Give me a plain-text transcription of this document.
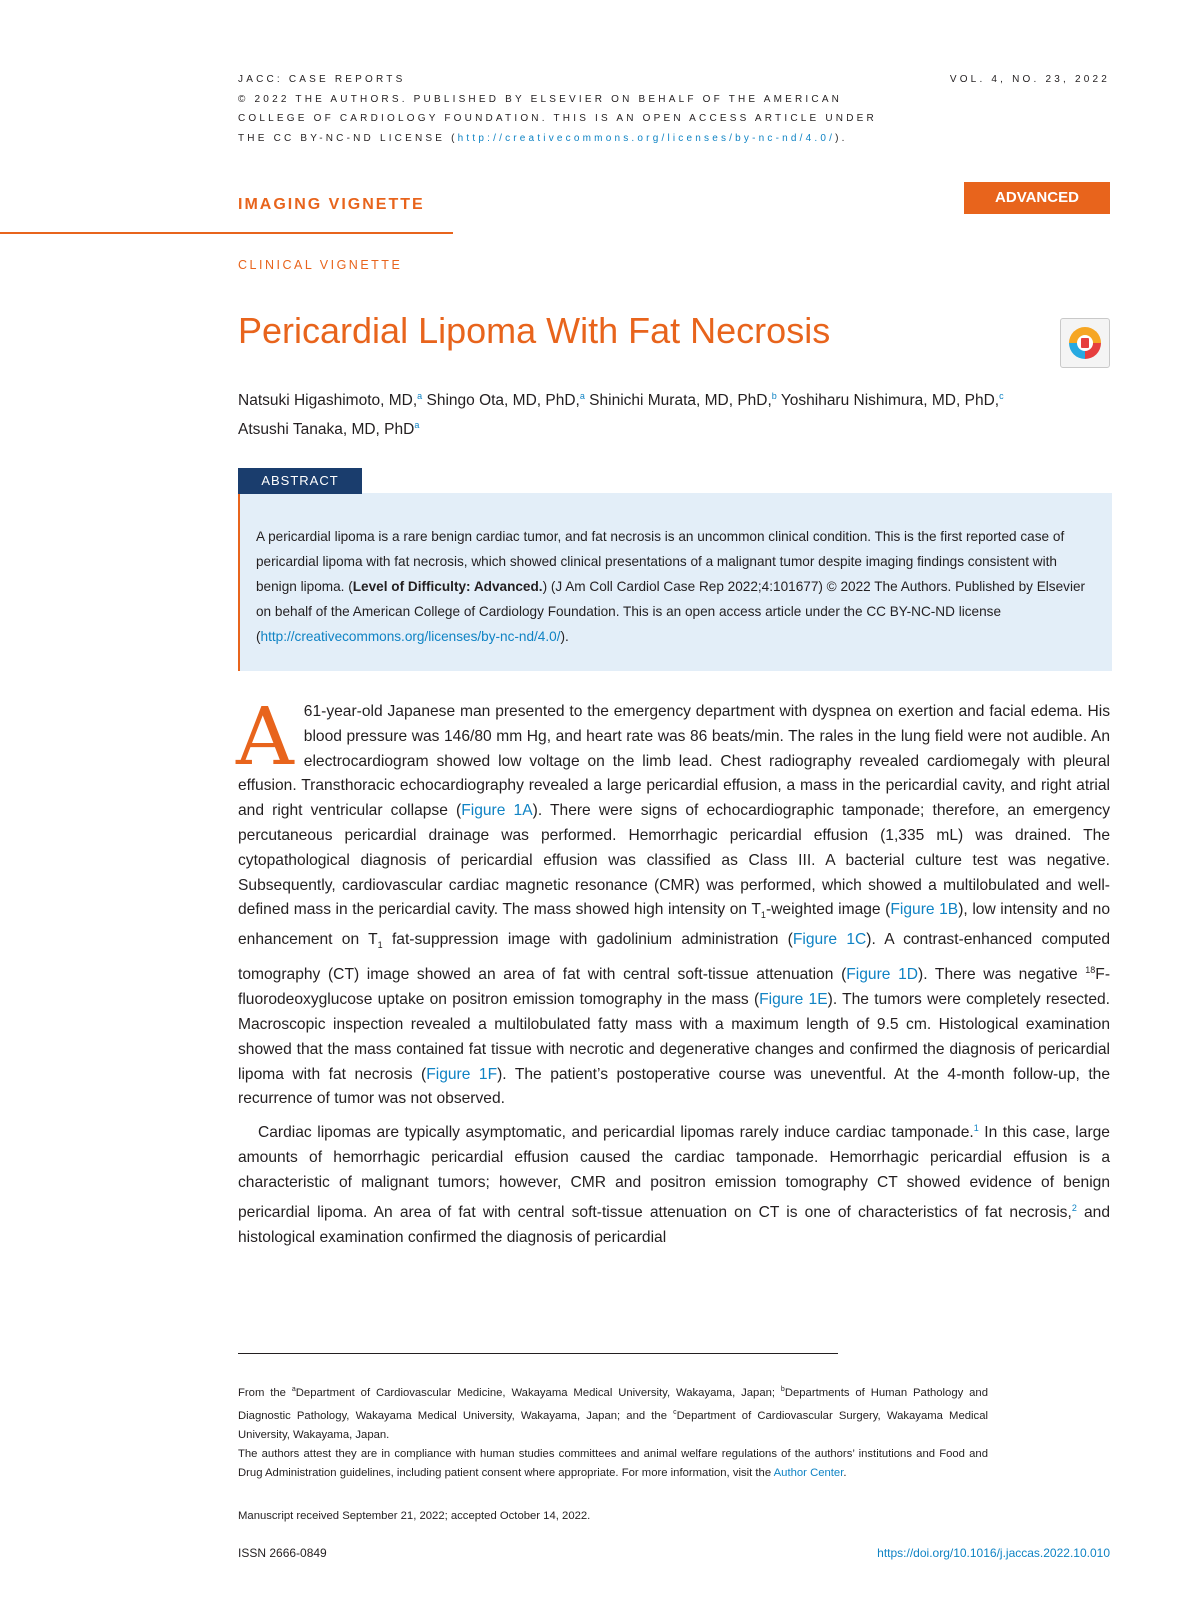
JACC: CASE REPORTS
© 2022 THE AUTHORS. PUBLISHED BY ELSEVIER ON BEHALF OF THE AMERICAN
COLLEGE OF CARDIOLOGY FOUNDATION. THIS IS AN OPEN ACCESS ARTICLE UNDER
THE CC BY-NC-ND LICENSE (http://creativecommons.org/licenses/by-nc-nd/4.0/).
VOL. 4, NO. 23, 2022
IMAGING VIGNETTE	ADVANCED
CLINICAL VIGNETTE
Pericardial Lipoma With Fat Necrosis
Natsuki Higashimoto, MD,$^a$ Shingo Ota, MD, PhD,$^a$ Shinichi Murata, MD, PhD,$^b$ Yoshiharu Nishimura, MD, PhD,$^c$
Atsushi Tanaka, MD, PhD$^a$
ABSTRACT
A pericardial lipoma is a rare benign cardiac tumor, and fat necrosis is an uncommon clinical condition. This is the first reported case of pericardial lipoma with fat necrosis, which showed clinical presentations of a malignant tumor despite imaging findings consistent with benign lipoma. (Level of Difficulty: Advanced.) (J Am Coll Cardiol Case Rep 2022;4:101677) © 2022 The Authors. Published by Elsevier on behalf of the American College of Cardiology Foundation. This is an open access article under the CC BY-NC-ND license (http://creativecommons.org/licenses/by-nc-nd/4.0/).

A 61-year-old Japanese man presented to the emergency department with dyspnea on exertion and facial edema. His blood pressure was 146/80 mm Hg, and heart rate was 86 beats/min. The rales in the lung field were not audible. An electrocardiogram showed low voltage on the limb lead. Chest radiography revealed cardiomegaly with pleural effusion. Transthoracic echocardiography revealed a large pericardial effusion, a mass in the pericardial cavity, and right atrial and right ventricular collapse (Figure 1A). There were signs of echocardiographic tamponade; therefore, an emergency percutaneous pericardial drainage was performed. Hemorrhagic pericardial effusion (1,335 mL) was drained. The cytopathological diagnosis of pericardial effusion was classified as Class III. A bacterial culture test was negative. Subsequently, cardiovascular cardiac magnetic resonance (CMR) was performed, which showed a multilobulated and well-defined mass in the pericardial cavity. The mass showed high intensity on $T_1$-weighted image (Figure 1B), low intensity and no enhancement on $T_1$ fat-suppression image with gadolinium administration (Figure 1C). A contrast-enhanced computed tomography (CT) image showed an area of fat with central soft-tissue attenuation (Figure 1D). There was negative $^{18}$F-fluorodeoxyglucose uptake on positron emission tomography in the mass (Figure 1E). The tumors were completely resected. Macroscopic inspection revealed a multilobulated fatty mass with a maximum length of 9.5 cm. Histological examination showed that the mass contained fat tissue with necrotic and degenerative changes and confirmed the diagnosis of pericardial lipoma with fat necrosis (Figure 1F). The patient’s postoperative course was uneventful. At the 4-month follow-up, the recurrence of tumor was not observed.

Cardiac lipomas are typically asymptomatic, and pericardial lipomas rarely induce cardiac tamponade.$^1$ In this case, large amounts of hemorrhagic pericardial effusion caused the cardiac tamponade. Hemorrhagic pericardial effusion is a characteristic of malignant tumors; however, CMR and positron emission tomography CT showed evidence of benign pericardial lipoma. An area of fat with central soft-tissue attenuation on CT is one of characteristics of fat necrosis,$^2$ and histological examination confirmed the diagnosis of pericardial

From the $^a$Department of Cardiovascular Medicine, Wakayama Medical University, Wakayama, Japan; $^b$Departments of Human Pathology and Diagnostic Pathology, Wakayama Medical University, Wakayama, Japan; and the $^c$Department of Cardiovascular Surgery, Wakayama Medical University, Wakayama, Japan.

The authors attest they are in compliance with human studies committees and animal welfare regulations of the authors’ institutions and Food and Drug Administration guidelines, including patient consent where appropriate. For more information, visit the Author Center.

Manuscript received September 21, 2022; accepted October 14, 2022.
ISSN 2666-0849	https://doi.org/10.1016/j.jaccas.2022.10.010
